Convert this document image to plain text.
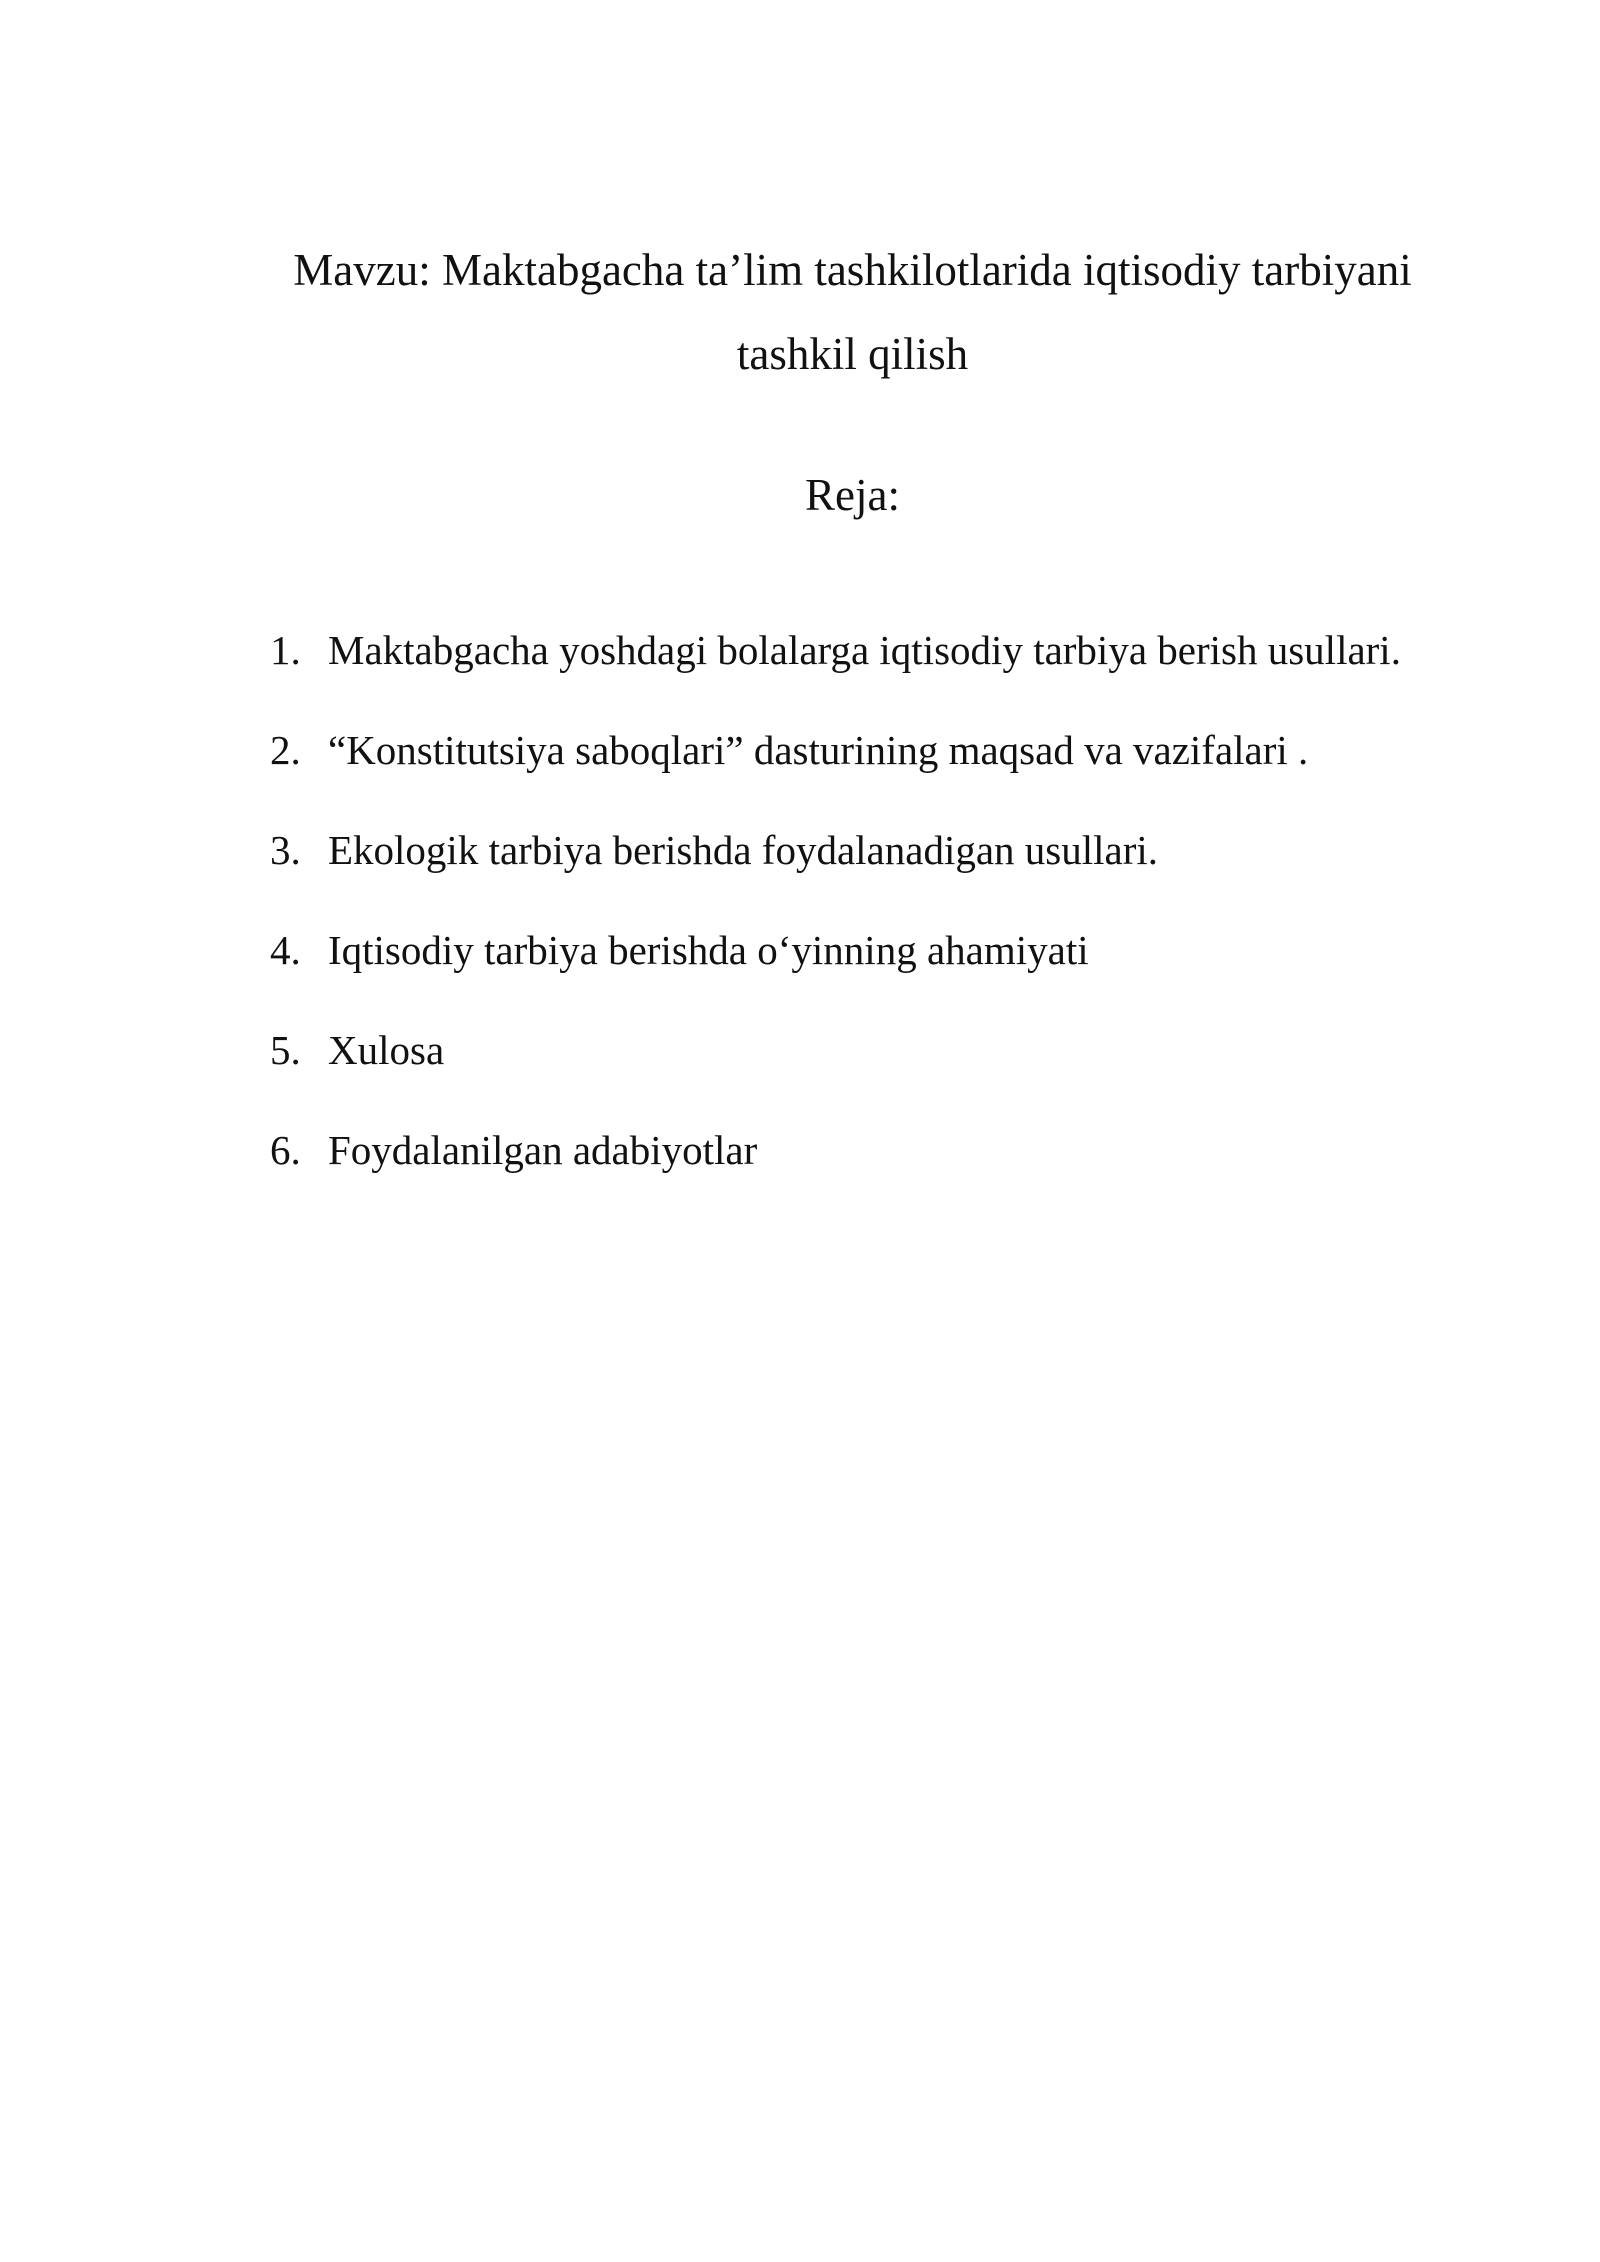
Mavzu: Maktabgacha ta’lim tashkilotlarida iqtisodiy tarbiyani
tashkil qilish
Reja:
1. Maktabgacha yoshdagi bolalarga iqtisodiy tarbiya berish usullari.
2. “Konstitutsiya saboqlari” dasturining maqsad va vazifalari .
3. Ekologik tarbiya berishda foydalanadigan usullari.
4. Iqtisodiy tarbiya berishda o‘yinning ahamiyati
5. Xulosa
6. Foydalanilgan adabiyotlar
